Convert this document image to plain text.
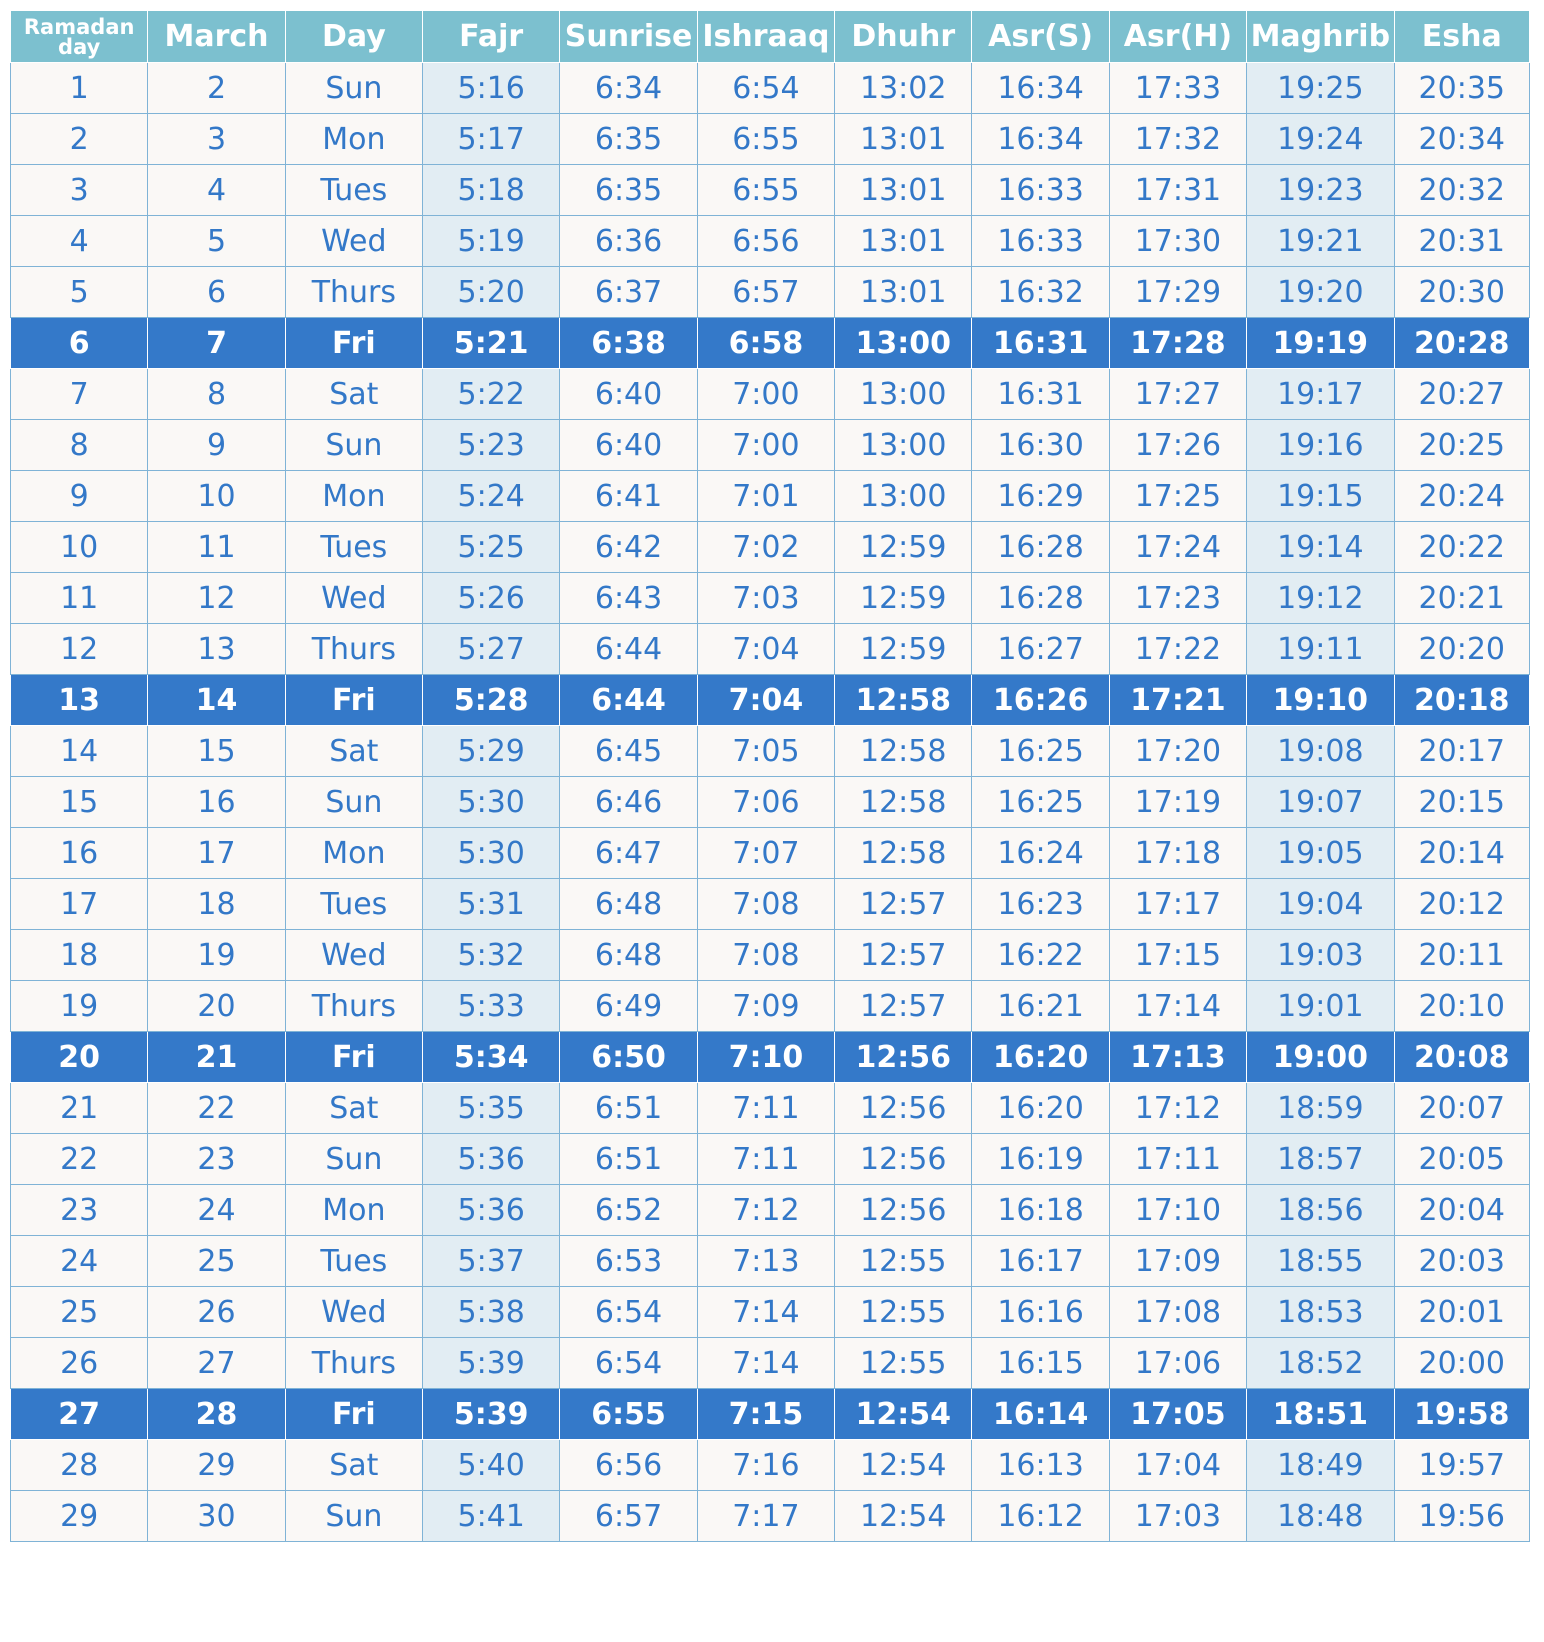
Ramadan
day	March	Day	Fajr	Sunrise	Ishraaq	Dhuhr	Asr(S)	Asr(H)	Maghrib	Esha
1	2	Sun	5:16	6:34	6:54	13:02	16:34	17:33	19:25	20:35
2	3	Mon	5:17	6:35	6:55	13:01	16:34	17:32	19:24	20:34
3	4	Tues	5:18	6:35	6:55	13:01	16:33	17:31	19:23	20:32
4	5	Wed	5:19	6:36	6:56	13:01	16:33	17:30	19:21	20:31
5	6	Thurs	5:20	6:37	6:57	13:01	16:32	17:29	19:20	20:30
6	7	Fri	5:21	6:38	6:58	13:00	16:31	17:28	19:19	20:28
7	8	Sat	5:22	6:40	7:00	13:00	16:31	17:27	19:17	20:27
8	9	Sun	5:23	6:40	7:00	13:00	16:30	17:26	19:16	20:25
9	10	Mon	5:24	6:41	7:01	13:00	16:29	17:25	19:15	20:24
10	11	Tues	5:25	6:42	7:02	12:59	16:28	17:24	19:14	20:22
11	12	Wed	5:26	6:43	7:03	12:59	16:28	17:23	19:12	20:21
12	13	Thurs	5:27	6:44	7:04	12:59	16:27	17:22	19:11	20:20
13	14	Fri	5:28	6:44	7:04	12:58	16:26	17:21	19:10	20:18
14	15	Sat	5:29	6:45	7:05	12:58	16:25	17:20	19:08	20:17
15	16	Sun	5:30	6:46	7:06	12:58	16:25	17:19	19:07	20:15
16	17	Mon	5:30	6:47	7:07	12:58	16:24	17:18	19:05	20:14
17	18	Tues	5:31	6:48	7:08	12:57	16:23	17:17	19:04	20:12
18	19	Wed	5:32	6:48	7:08	12:57	16:22	17:15	19:03	20:11
19	20	Thurs	5:33	6:49	7:09	12:57	16:21	17:14	19:01	20:10
20	21	Fri	5:34	6:50	7:10	12:56	16:20	17:13	19:00	20:08
21	22	Sat	5:35	6:51	7:11	12:56	16:20	17:12	18:59	20:07
22	23	Sun	5:36	6:51	7:11	12:56	16:19	17:11	18:57	20:05
23	24	Mon	5:36	6:52	7:12	12:56	16:18	17:10	18:56	20:04
24	25	Tues	5:37	6:53	7:13	12:55	16:17	17:09	18:55	20:03
25	26	Wed	5:38	6:54	7:14	12:55	16:16	17:08	18:53	20:01
26	27	Thurs	5:39	6:54	7:14	12:55	16:15	17:06	18:52	20:00
27	28	Fri	5:39	6:55	7:15	12:54	16:14	17:05	18:51	19:58
28	29	Sat	5:40	6:56	7:16	12:54	16:13	17:04	18:49	19:57
29	30	Sun	5:41	6:57	7:17	12:54	16:12	17:03	18:48	19:56
